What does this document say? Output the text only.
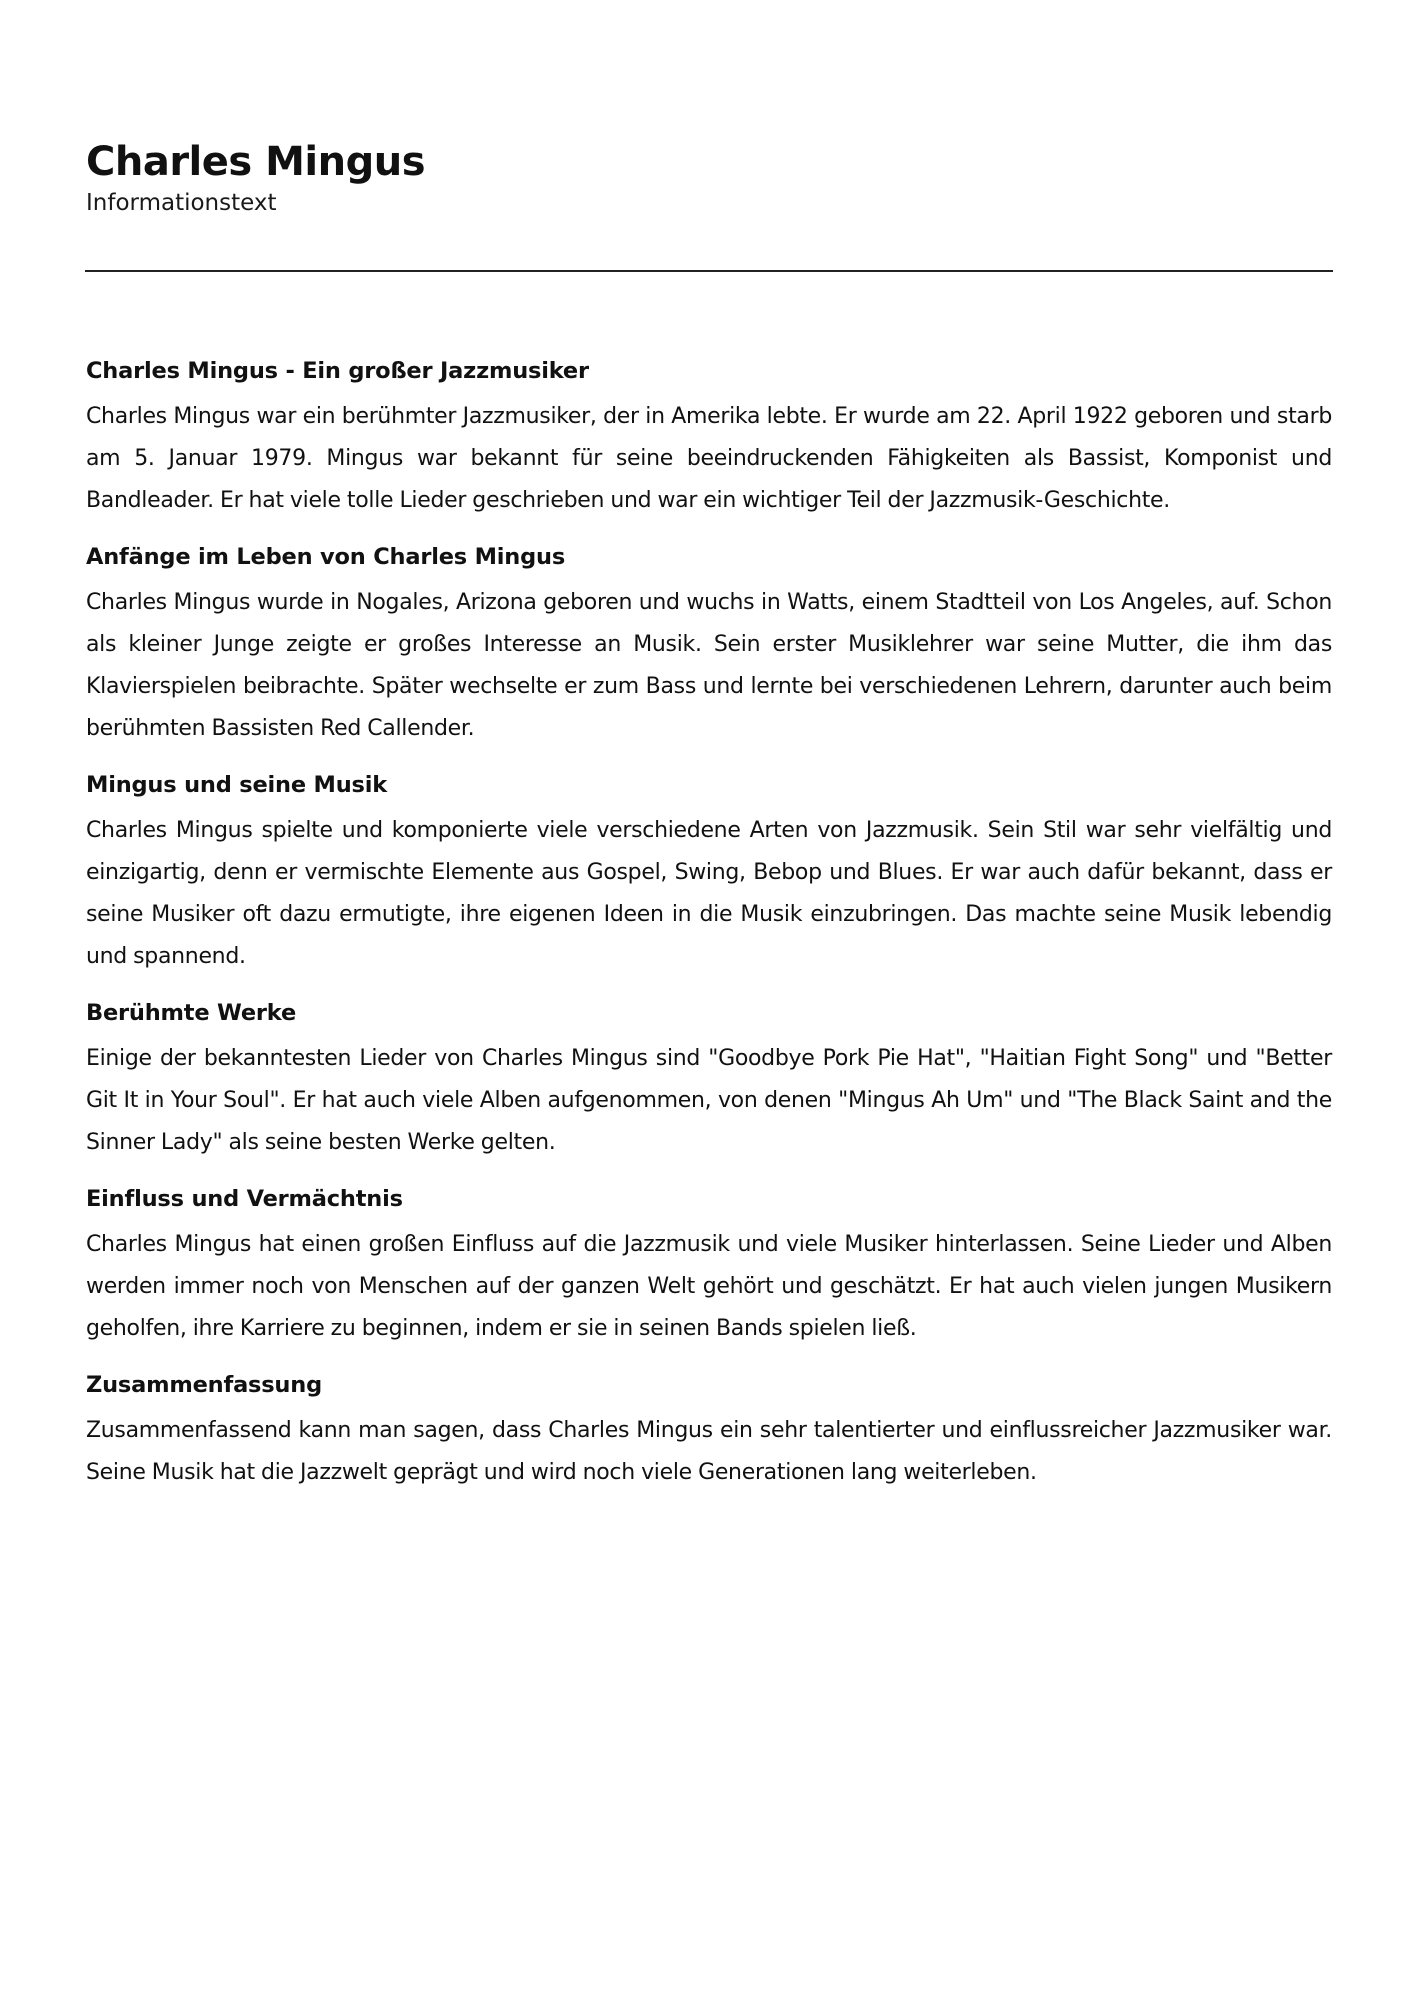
Charles Mingus

Informationstext

Charles Mingus - Ein großer Jazzmusiker

Charles Mingus war ein berühmter Jazzmusiker, der in Amerika lebte. Er wurde am 22. April 1922 geboren und starb am 5. Januar 1979. Mingus war bekannt für seine beeindruckenden Fähigkeiten als Bassist, Komponist und Bandleader. Er hat viele tolle Lieder geschrieben und war ein wichtiger Teil der Jazzmusik-Geschichte.

Anfänge im Leben von Charles Mingus

Charles Mingus wurde in Nogales, Arizona geboren und wuchs in Watts, einem Stadtteil von Los Angeles, auf. Schon als kleiner Junge zeigte er großes Interesse an Musik. Sein erster Musiklehrer war seine Mutter, die ihm das Klavierspielen beibrachte. Später wechselte er zum Bass und lernte bei verschiedenen Lehrern, darunter auch beim berühmten Bassisten Red Callender.

Mingus und seine Musik

Charles Mingus spielte und komponierte viele verschiedene Arten von Jazzmusik. Sein Stil war sehr vielfältig und einzigartig, denn er vermischte Elemente aus Gospel, Swing, Bebop und Blues. Er war auch dafür bekannt, dass er seine Musiker oft dazu ermutigte, ihre eigenen Ideen in die Musik einzubringen. Das machte seine Musik lebendig und spannend.

Berühmte Werke

Einige der bekanntesten Lieder von Charles Mingus sind "Goodbye Pork Pie Hat", "Haitian Fight Song" und "Better Git It in Your Soul". Er hat auch viele Alben aufgenommen, von denen "Mingus Ah Um" und "The Black Saint and the Sinner Lady" als seine besten Werke gelten.

Einfluss und Vermächtnis

Charles Mingus hat einen großen Einfluss auf die Jazzmusik und viele Musiker hinterlassen. Seine Lieder und Alben werden immer noch von Menschen auf der ganzen Welt gehört und geschätzt. Er hat auch vielen jungen Musikern geholfen, ihre Karriere zu beginnen, indem er sie in seinen Bands spielen ließ.

Zusammenfassung

Zusammenfassend kann man sagen, dass Charles Mingus ein sehr talentierter und einflussreicher Jazzmusiker war. Seine Musik hat die Jazzwelt geprägt und wird noch viele Generationen lang weiterleben.
